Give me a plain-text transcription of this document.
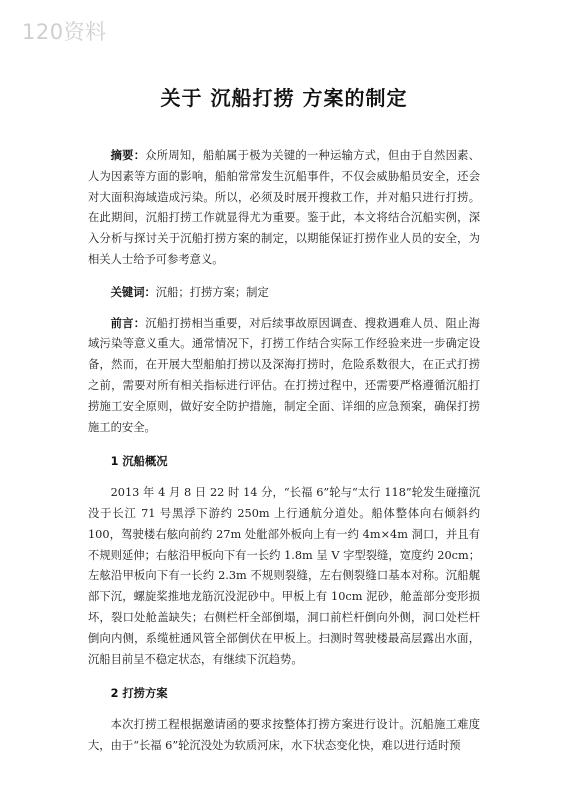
120资料
关于 沉船打捞 方案的制定

摘要：众所周知，船舶属于极为关键的一种运输方式，但由于自然因素、人为因素等方面的影响，船舶常常发生沉船事件，不仅会威胁船员安全，还会对大面积海域造成污染。所以，必须及时展开搜救工作，并对船只进行打捞。在此期间，沉船打捞工作就显得尤为重要。鉴于此，本文将结合沉船实例，深入分析与探讨关于沉船打捞方案的制定，以期能保证打捞作业人员的安全，为相关人士给予可参考意义。

关键词：沉船；打捞方案；制定

前言：沉船打捞相当重要，对后续事故原因调查、搜救遇难人员、阻止海域污染等意义重大。通常情况下，打捞工作结合实际工作经验来进一步确定设备，然而，在开展大型船舶打捞以及深海打捞时，危险系数很大，在正式打捞之前，需要对所有相关指标进行评估。在打捞过程中，还需要严格遵循沉船打捞施工安全原则，做好安全防护措施，制定全面、详细的应急预案，确保打捞施工的安全。

1 沉船概况

2013 年 4 月 8 日 22 时 14 分，“长福 6”轮与“太行 118”轮发生碰撞沉没于长江 71 号黑浮下游约 250m 上行通航分道处。船体整体向右倾斜约 100，驾驶楼右舷向前约 27m 处舭部外板向上有一约 4m×4m 洞口，并且有不规则延伸；右舷沿甲板向下有一长约 1.8m 呈 V 字型裂缝，宽度约 20cm；左舷沿甲板向下有一长约 2.3m 不规则裂缝，左右侧裂缝口基本对称。沉船艉部下沉，螺旋桨推地龙筋沉没泥砂中。甲板上有 10cm 泥砂，舱盖部分变形损坏，裂口处舱盖缺失；右侧栏杆全部倒塌，洞口前栏杆倒向外侧，洞口处栏杆倒向内侧，系缆桩通风管全部倒伏在甲板上。扫测时驾驶楼最高层露出水面，沉船目前呈不稳定状态，有继续下沉趋势。

2 打捞方案

本次打捞工程根据邀请函的要求按整体打捞方案进行设计。沉船施工难度大，由于“长福 6”轮沉没处为软质河床，水下状态变化快，难以进行适时预
